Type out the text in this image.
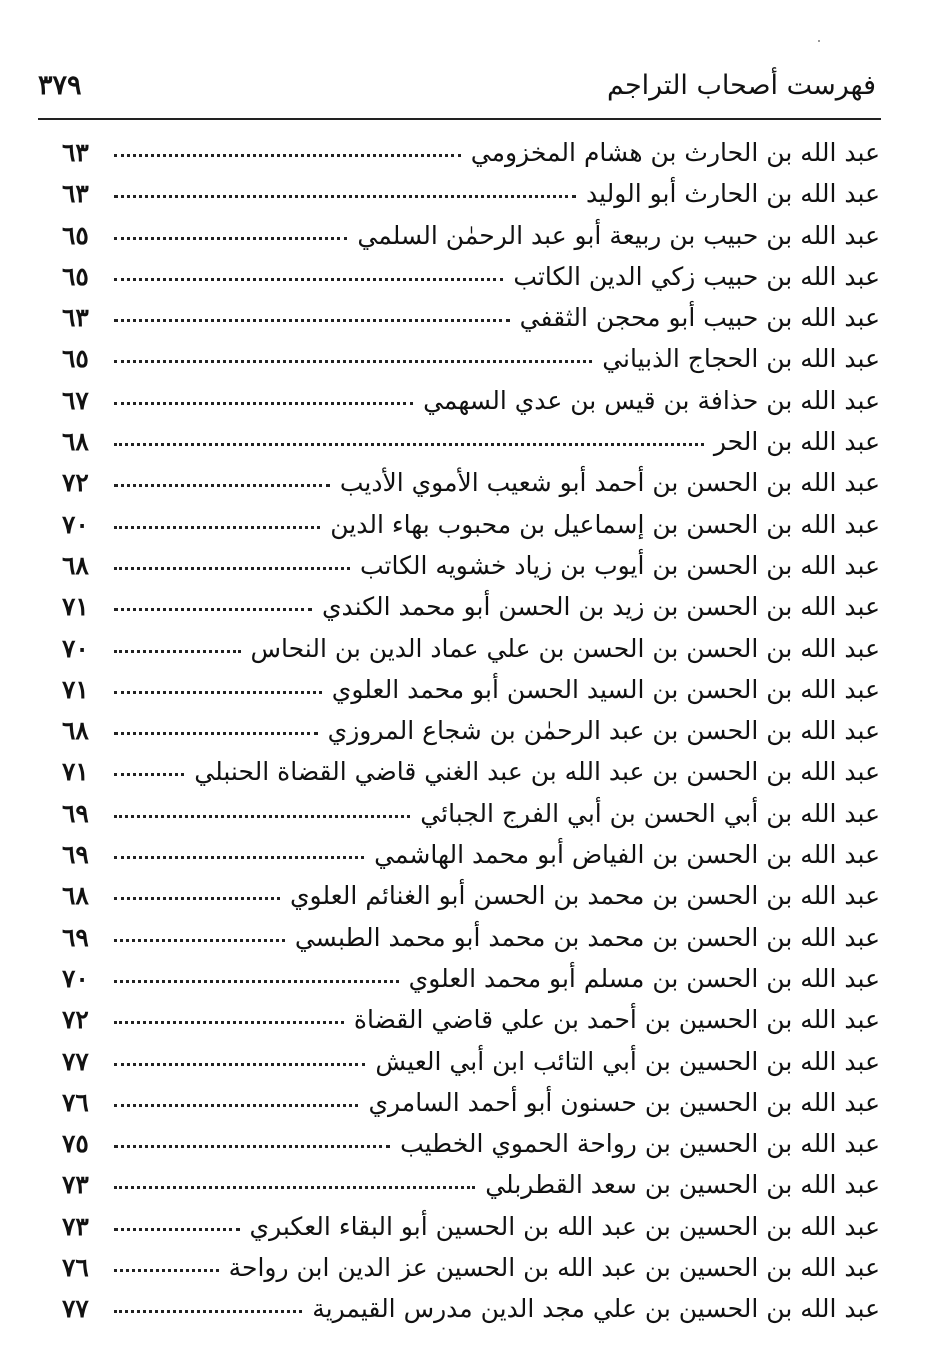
فهرست أصحاب التراجم
٣٧٩
عبد الله بن الحارث بن هشام المخزومي
٦٣
عبد الله بن الحارث أبو الوليد
٦٣
عبد الله بن حبيب بن ربيعة أبو عبد الرحمٰن السلمي
٦٥
عبد الله بن حبيب زكي الدين الكاتب
٦٥
عبد الله بن حبيب أبو محجن الثقفي
٦٣
عبد الله بن الحجاج الذبياني
٦٥
عبد الله بن حذافة بن قيس بن عدي السهمي
٦٧
عبد الله بن الحر
٦٨
عبد الله بن الحسن بن أحمد أبو شعيب الأموي الأديب
٧٢
عبد الله بن الحسن بن إسماعيل بن محبوب بهاء الدين
٧٠
عبد الله بن الحسن بن أيوب بن زياد خشويه الكاتب
٦٨
عبد الله بن الحسن بن زيد بن الحسن أبو محمد الكندي
٧١
عبد الله بن الحسن بن الحسن بن علي عماد الدين بن النحاس
٧٠
عبد الله بن الحسن بن السيد الحسن أبو محمد العلوي
٧١
عبد الله بن الحسن بن عبد الرحمٰن بن شجاع المروزي
٦٨
عبد الله بن الحسن بن عبد الله بن عبد الغني قاضي القضاة الحنبلي
٧١
عبد الله بن أبي الحسن بن أبي الفرج الجبائي
٦٩
عبد الله بن الحسن بن الفياض أبو محمد الهاشمي
٦٩
عبد الله بن الحسن بن محمد بن الحسن أبو الغنائم العلوي
٦٨
عبد الله بن الحسن بن محمد بن محمد أبو محمد الطبسي
٦٩
عبد الله بن الحسن بن مسلم أبو محمد العلوي
٧٠
عبد الله بن الحسين بن أحمد بن علي قاضي القضاة
٧٢
عبد الله بن الحسين بن أبي التائب ابن أبي العيش
٧٧
عبد الله بن الحسين بن حسنون أبو أحمد السامري
٧٦
عبد الله بن الحسين بن رواحة الحموي الخطيب
٧٥
عبد الله بن الحسين بن سعد القطربلي
٧٣
عبد الله بن الحسين بن عبد الله بن الحسين أبو البقاء العكبري
٧٣
عبد الله بن الحسين بن عبد الله بن الحسين عز الدين ابن رواحة
٧٦
عبد الله بن الحسين بن علي مجد الدين مدرس القيمرية
٧٧
